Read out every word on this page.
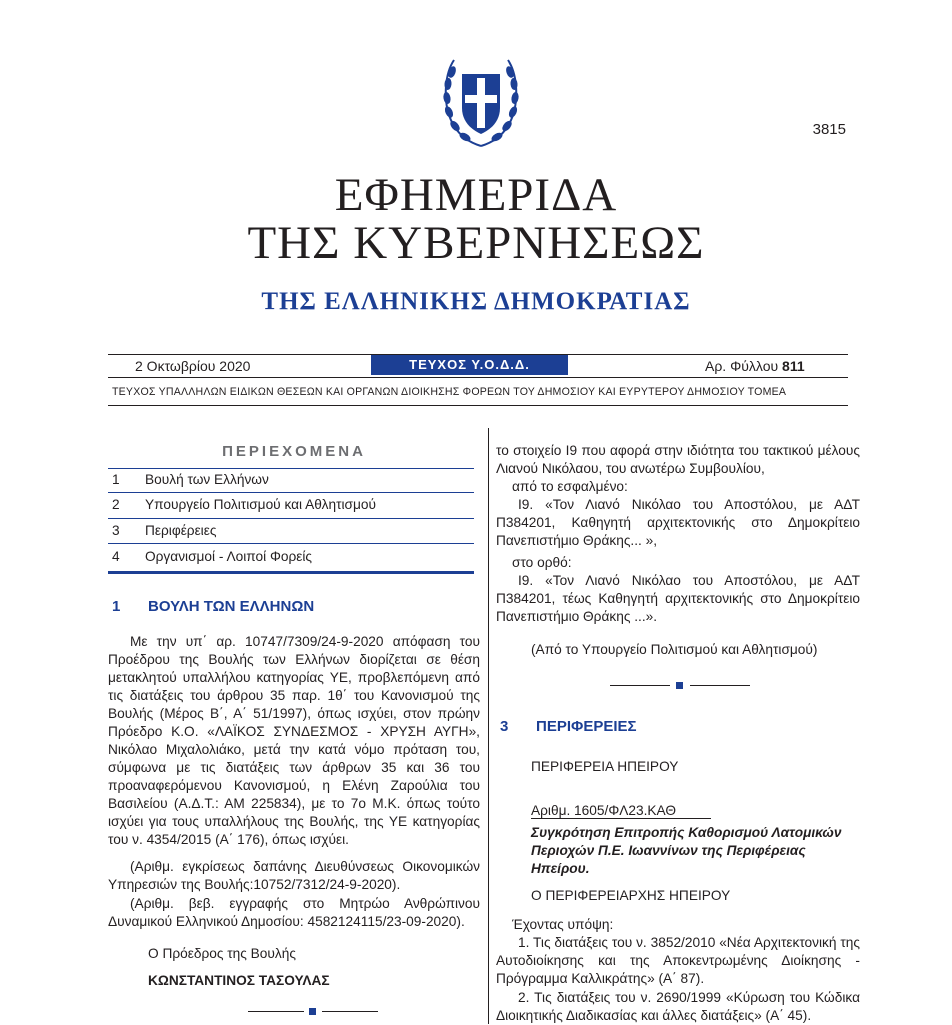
3815
ΕΦΗΜΕΡΙΔΑ
ΤΗΣ ΚΥΒΕΡΝΗΣΕΩΣ
ΤΗΣ ΕΛΛΗΝΙΚΗΣ ΔΗΜΟΚΡΑΤΙΑΣ
2 Οκτωβρίου 2020	ΤΕΥΧΟΣ Υ.Ο.Δ.Δ.	Αρ. Φύλλου 811
ΤΕΥΧΟΣ ΥΠΑΛΛΗΛΩΝ ΕΙΔΙΚΩΝ ΘΕΣΕΩΝ ΚΑΙ ΟΡΓΑΝΩΝ ΔΙΟΙΚΗΣΗΣ ΦΟΡΕΩΝ ΤΟΥ ΔΗΜΟΣΙΟΥ ΚΑΙ ΕΥΡΥΤΕΡΟΥ ΔΗΜΟΣΙΟΥ ΤΟΜΕΑ
ΠΕΡΙΕΧΟΜΕΝΑ
1 Βουλή των Ελλήνων
2 Υπουργείο Πολιτισμού και Αθλητισμού
3 Περιφέρειες
4 Οργανισμοί - Λοιποί Φορείς
1 ΒΟΥΛΗ ΤΩΝ ΕΛΛΗΝΩΝ
Με την υπ΄ αρ. 10747/7309/24-9-2020 απόφαση του Προέδρου της Βουλής των Ελλήνων διορίζεται σε θέση μετακλητού υπαλλήλου κατηγορίας ΥΕ, προβλεπόμενη από τις διατάξεις του άρθρου 35 παρ. 1θ΄ του Κανονισμού της Βουλής (Μέρος Β΄, Α΄ 51/1997), όπως ισχύει, στον πρώην Πρόεδρο Κ.Ο. «ΛΑΪΚΟΣ ΣΥΝΔΕΣΜΟΣ - ΧΡΥΣΗ ΑΥΓΗ», Νικόλαο Μιχαλολιάκο, μετά την κατά νόμο πρόταση του, σύμφωνα με τις διατάξεις των άρθρων 35 και 36 του προαναφερόμενου Κανονισμού, η Ελένη Ζαρούλια του Βασιλείου (Α.Δ.Τ.: ΑΜ 225834), με το 7ο Μ.Κ. όπως τούτο ισχύει για τους υπαλλήλους της Βουλής, της ΥΕ κατηγορίας του ν. 4354/2015 (Α΄ 176), όπως ισχύει.
(Αριθμ. εγκρίσεως δαπάνης Διευθύνσεως Οικονομικών Υπηρεσιών της Βουλής:10752/7312/24-9-2020).
(Αριθμ. βεβ. εγγραφής στο Μητρώο Ανθρώπινου Δυναμικού Ελληνικού Δημοσίου: 4582124115/23-09-2020).
Ο Πρόεδρος της Βουλής
ΚΩΝΣΤΑΝΤΙΝΟΣ ΤΑΣΟΥΛΑΣ
το στοιχείο Ι9 που αφορά στην ιδιότητα του τακτικού μέλους Λιανού Νικόλαου, του ανωτέρω Συμβουλίου,
από το εσφαλμένο:
Ι9. «Τον Λιανό Νικόλαο του Αποστόλου, με ΑΔΤ Π384201, Καθηγητή αρχιτεκτονικής στο Δημοκρίτειο Πανεπιστήμιο Θράκης... »,
στο ορθό:
Ι9. «Τον Λιανό Νικόλαο του Αποστόλου, με ΑΔΤ Π384201, τέως Καθηγητή αρχιτεκτονικής στο Δημοκρίτειο Πανεπιστήμιο Θράκης ...».
(Από το Υπουργείο Πολιτισμού και Αθλητισμού)
3 ΠΕΡΙΦΕΡΕΙΕΣ
ΠΕΡΙΦΕΡΕΙΑ ΗΠΕΙΡΟΥ
Αριθμ. 1605/ΦΛ23.ΚΑΘ
Συγκρότηση Επιτροπής Καθορισμού Λατομικών Περιοχών Π.Ε. Ιωαννίνων της Περιφέρειας Ηπείρου.
Ο ΠΕΡΙΦΕΡΕΙΑΡΧΗΣ ΗΠΕΙΡΟΥ
Έχοντας υπόψη:
1. Τις διατάξεις του ν. 3852/2010 «Νέα Αρχιτεκτονική της Αυτοδιοίκησης και της Αποκεντρωμένης Διοίκησης - Πρόγραμμα Καλλικράτης» (Α΄ 87).
2. Τις διατάξεις του ν. 2690/1999 «Κύρωση του Κώδικα Διοικητικής Διαδικασίας και άλλες διατάξεις» (Α΄ 45).
